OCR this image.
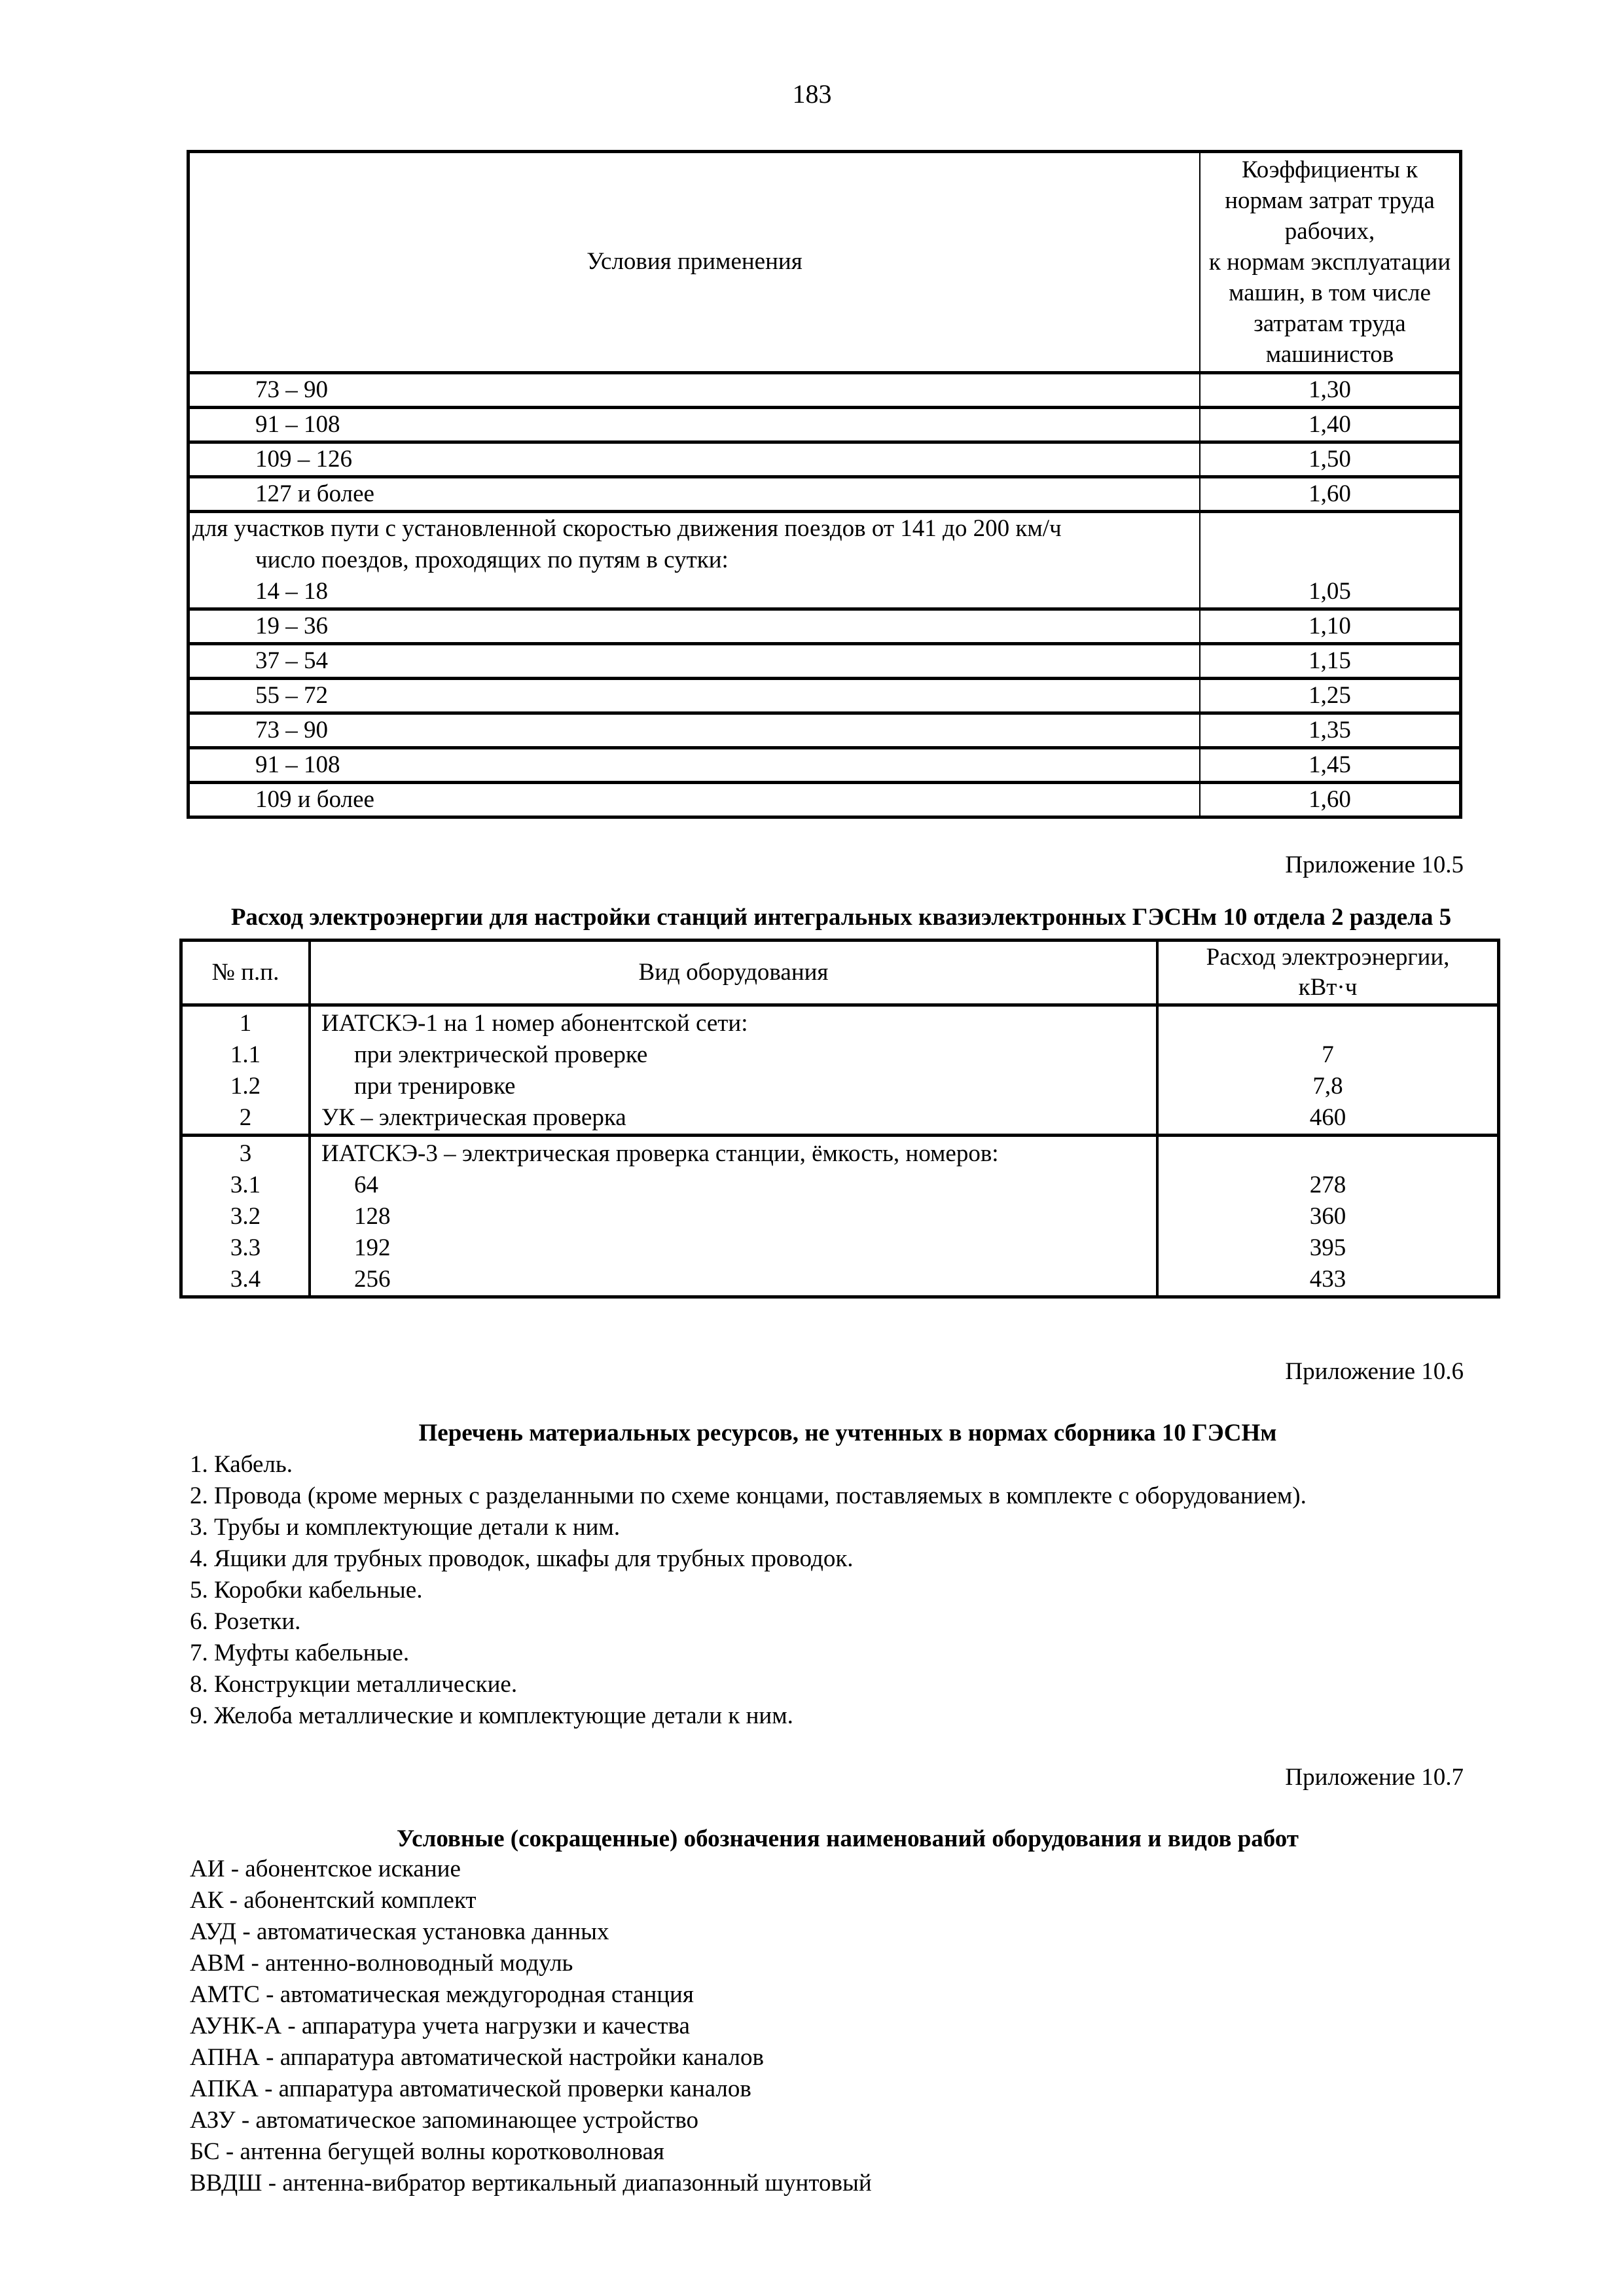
183
Условия применения	
Коэффициенты к
нормам затрат труда
рабочих,
к нормам эксплуатации
машин, в том числе
затратам труда
машинистов

73 – 90	1,30
91 – 108	1,40
109 – 126	1,50
127 и более	1,60

для участков пути с установленной скоростью движения поездов от 141 до 200 км/ч
число поездов, проходящих по путям в сутки:
14 – 18	1,05
19 – 36	1,10
37 – 54	1,15
55 – 72	1,25
73 – 90	1,35
91 – 108	1,45
109 и более	1,60
Приложение 10.5
Расход электроэнергии для настройки станций интегральных квазиэлектронных ГЭСНм 10 отдела 2 раздела 5
№ п.п.	Вид оборудования	Расход электроэнергии,
кВт·ч

1	ИАТСКЭ-1 на 1 номер абонентской сети:	
1.1	при электрической проверке	7
1.2	при тренировке	7,8
2	УК – электрическая проверка	460
3	ИАТСКЭ-3 – электрическая проверка станции, ёмкость, номеров:	
3.1	64	278
3.2	128	360
3.3	192	395
3.4	256	433
Приложение 10.6
Перечень материальных ресурсов, не учтенных в нормах сборника 10 ГЭСНм
1. Кабель.
2. Провода (кроме мерных с разделанными по схеме концами, поставляемых в комплекте с оборудованием).
3. Трубы и комплектующие детали к ним.
4. Ящики для трубных проводок, шкафы для трубных проводок.
5. Коробки кабельные.
6. Розетки.
7. Муфты кабельные.
8. Конструкции металлические.
9. Желоба металлические и комплектующие детали к ним.
Приложение 10.7
Условные (сокращенные) обозначения наименований оборудования и видов работ
АИ - абонентское искание
АК - абонентский комплект
АУД - автоматическая установка данных
АВМ - антенно-волноводный модуль
АМТС - автоматическая междугородная станция
АУНК-А - аппаратура учета нагрузки и качества
АПНА - аппаратура автоматической настройки каналов
АПКА - аппаратура автоматической проверки каналов
АЗУ - автоматическое запоминающее устройство
БС - антенна бегущей волны коротковолновая
ВВДШ - антенна-вибратор вертикальный диапазонный шунтовый
